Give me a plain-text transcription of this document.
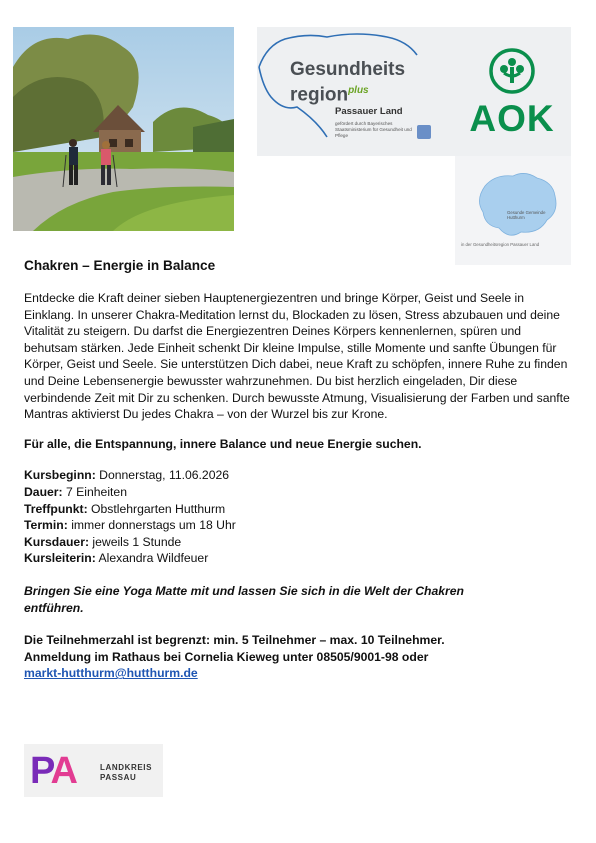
Gesundheits
region$^{plus}$
Passauer Land
gefördert durch Bayerisches Staatsministerium für Gesundheit und Pflege	AOK
Gesunde Gemeinde Hutthurm
in der Gesundheitsregion Passauer Land
Chakren – Energie in Balance

Entdecke die Kraft deiner sieben Hauptenergiezentren und bringe Körper, Geist und Seele in Einklang. In unserer Chakra-Meditation lernst du, Blockaden zu lösen, Stress abzubauen und deine Vitalität zu steigern. Du darfst die Energiezentren Deines Körpers kennenlernen, spüren und behutsam stärken. Jede Einheit schenkt Dir kleine Impulse, stille Momente und sanfte Übungen für Körper, Geist und Seele. Sie unterstützen Dich dabei, neue Kraft zu schöpfen, innere Ruhe zu finden und Deine Lebensenergie bewusster wahrzunehmen. Du bist herzlich eingeladen, Dir diese verbindende Zeit mit Dir zu schenken. Durch bewusste Atmung, Visualisierung der Farben und sanfte Mantras aktivierst Du jedes Chakra – von der Wurzel bis zur Krone.

Für alle, die Entspannung, innere Balance und neue Energie suchen.

Kursbeginn: Donnerstag, 11.06.2026
Dauer: 7 Einheiten
Treffpunkt: Obstlehrgarten Hutthurm
Termin: immer donnerstags um 18 Uhr
Kursdauer: jeweils 1 Stunde
Kursleiterin: Alexandra Wildfeuer

Bringen Sie eine Yoga Matte mit und lassen Sie sich in die Welt der Chakren entführen.

Die Teilnehmerzahl ist begrenzt: min. 5 Teilnehmer – max. 10 Teilnehmer.
Anmeldung im Rathaus bei Cornelia Kieweg unter 08505/9001-98 oder
markt-hutthurm@hutthurm.de
PA	LANDKREIS
PASSAU
